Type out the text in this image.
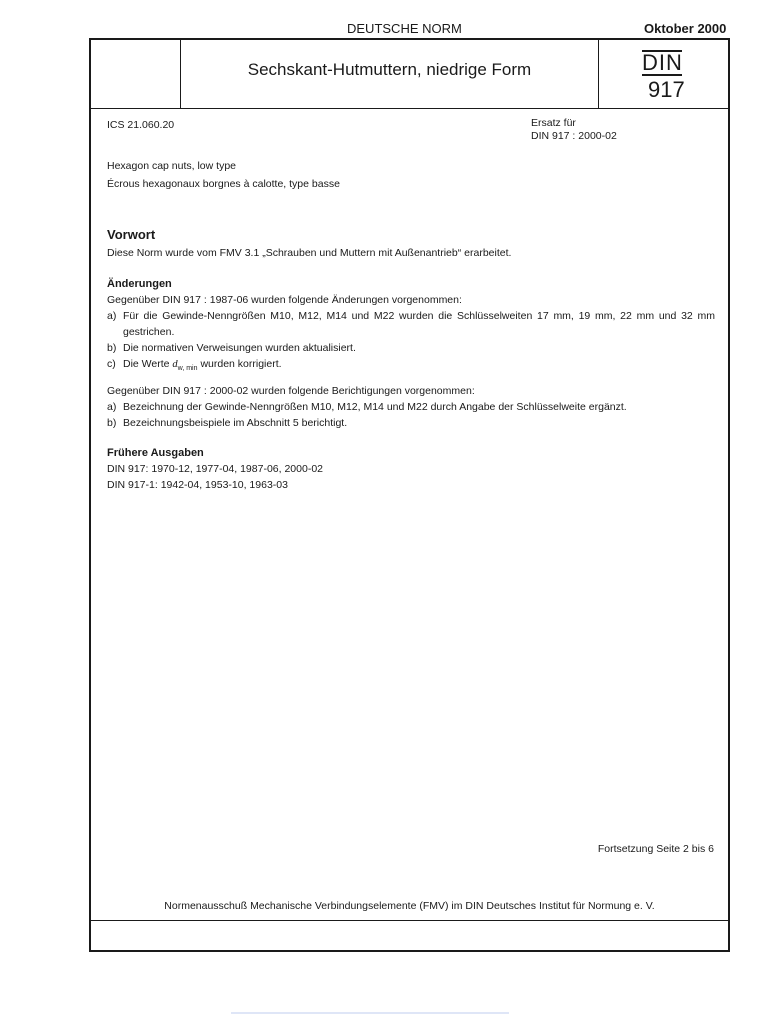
DEUTSCHE NORM	Oktober 2000
Sechskant-Hutmuttern, niedrige Form	DIN
917
ICS 21.060.20	Ersatz für
DIN 917 : 2000-02
Hexagon cap nuts, low type
Écrous hexagonaux borgnes à calotte, type basse
Vorwort
Diese Norm wurde vom FMV 3.1 „Schrauben und Muttern mit Außenantrieb“ erarbeitet.
Änderungen
Gegenüber DIN 917 : 1987-06 wurden folgende Änderungen vorgenommen:
a) Für die Gewinde-Nenngrößen M10, M12, M14 und M22 wurden die Schlüsselweiten 17 mm, 19 mm, 22 mm und 32 mm gestrichen.
b) Die normativen Verweisungen wurden aktualisiert.
c) Die Werte $d_{w, min}$ wurden korrigiert.
Gegenüber DIN 917 : 2000-02 wurden folgende Berichtigungen vorgenommen:
a) Bezeichnung der Gewinde-Nenngrößen M10, M12, M14 und M22 durch Angabe der Schlüsselweite ergänzt.
b) Bezeichnungsbeispiele im Abschnitt 5 berichtigt.
Frühere Ausgaben
DIN 917: 1970-12, 1977-04, 1987-06, 2000-02
DIN 917-1: 1942-04, 1953-10, 1963-03
Fortsetzung Seite 2 bis 6
Normenausschuß Mechanische Verbindungselemente (FMV) im DIN Deutsches Institut für Normung e. V.
